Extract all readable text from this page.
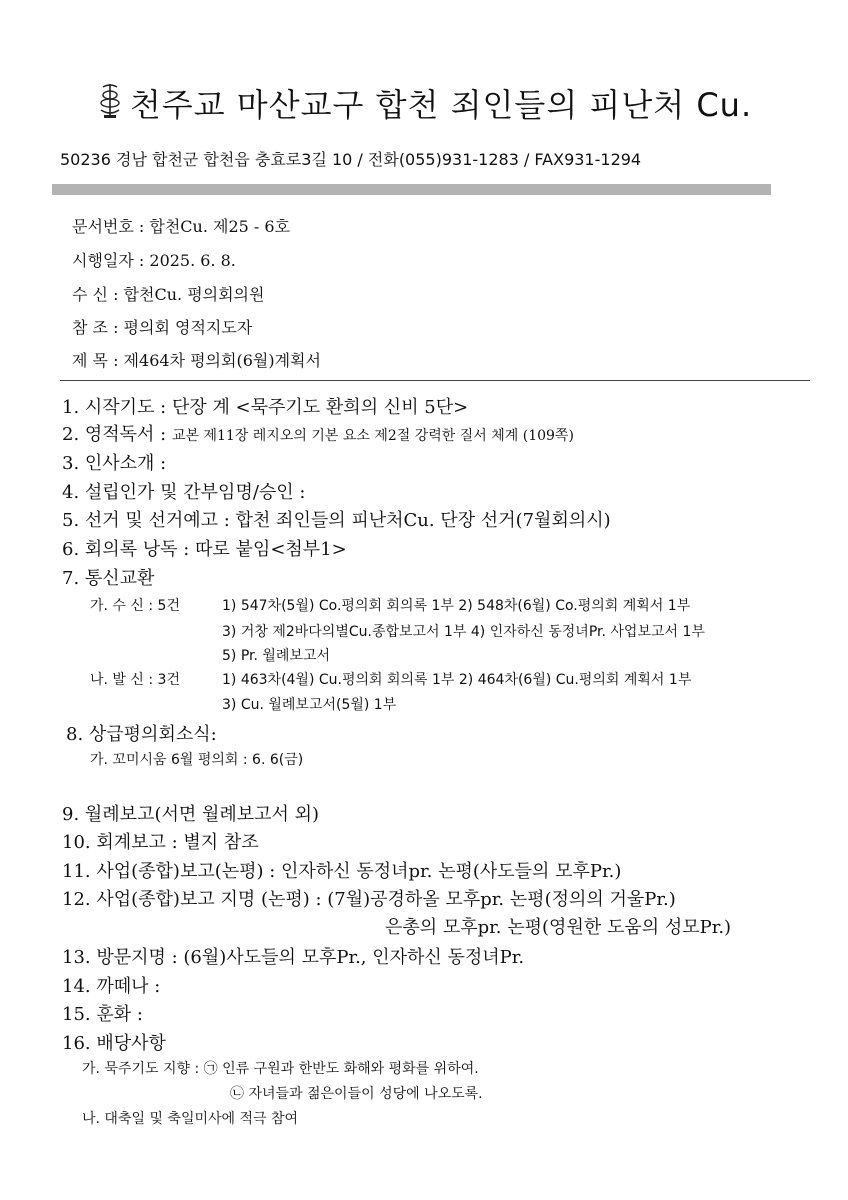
천주교 마산교구 합천 죄인들의 피난처 Cu.
50236 경남 합천군 합천읍 충효로3길 10 / 전화(055)931-1283 / FAX931-1294
문서번호 : 합천Cu. 제25 - 6호
시행일자 : 2025. 6. 8.
수 신 : 합천Cu. 평의회의원
참 조 : 평의회 영적지도자
제 목 : 제464차 평의회(6월)계획서
1. 시작기도 : 단장 계 <묵주기도 환희의 신비 5단>
2. 영적독서 : 교본 제11장 레지오의 기본 요소 제2절 강력한 질서 체계 (109쪽)
3. 인사소개 :
4. 설립인가 및 간부임명/승인 :
5. 선거 및 선거예고 : 합천 죄인들의 피난처Cu. 단장 선거(7월회의시)
6. 회의록 낭독 : 따로 붙임<첨부1>
7. 통신교환
가. 수 신 : 5건	1) 547차(5월) Co.평의회 회의록 1부 2) 548차(6월) Co.평의회 계획서 1부
3) 거창 제2바다의별Cu.종합보고서 1부 4) 인자하신 동정녀Pr. 사업보고서 1부
5) Pr. 월례보고서
나. 발 신 : 3건	1) 463차(4월) Cu.평의회 회의록 1부 2) 464차(6월) Cu.평의회 계획서 1부
3) Cu. 월례보고서(5월) 1부
8. 상급평의회소식:
가. 꼬미시움 6월 평의회 : 6. 6(금)
9. 월례보고(서면 월례보고서 외)
10. 회계보고 : 별지 참조
11. 사업(종합)보고(논평) : 인자하신 동정녀pr. 논평(사도들의 모후Pr.)
12. 사업(종합)보고 지명 (논평) : (7월)공경하올 모후pr. 논평(정의의 거울Pr.)
은총의 모후pr. 논평(영원한 도움의 성모Pr.)
13. 방문지명 : (6월)사도들의 모후Pr., 인자하신 동정녀Pr.
14. 까떼나 :
15. 훈화 :
16. 배당사항
가. 묵주기도 지향 : ㉠ 인류 구원과 한반도 화해와 평화를 위하여.
㉡ 자녀들과 젊은이들이 성당에 나오도록.
나. 대축일 및 축일미사에 적극 참여
